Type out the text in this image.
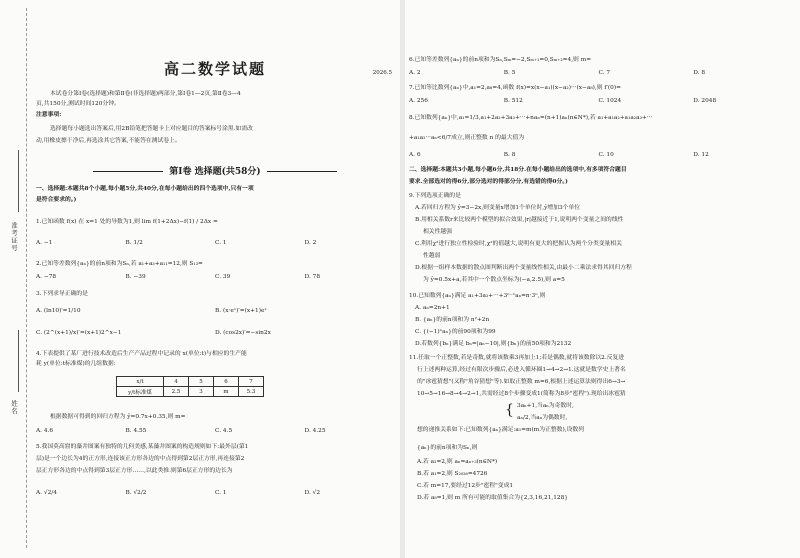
准考证号
姓名
高二数学试题	2026.5
本试卷分第Ⅰ卷(选择题)和第Ⅱ卷(非选择题)两部分,第Ⅰ卷1—2页,第Ⅱ卷3—4
页,共150分,测试时间120分钟。
注意事项:
选择题每小题选出答案后,用2B铅笔把答题卡上对应题目的答案标号涂黑.如需改
动,用橡皮擦干净后,再选涂其它答案,不能答在测试卷上。
第Ⅰ卷 选择题(共58分)
一、选择题:本题共8个小题,每小题5分,共40分,在每小题给出的四个选项中,只有一项
是符合要求的。)
1.已知函数 f(x) 在 x=1 处的导数为1,则 lim f(1+2Δx)−f(1) / 2Δx =
A. −1	B. 1/2	C. 1	D. 2
2.已知等差数列{aₙ}的前n项和为Sₙ,若 a₁+a₃+a₁₁=12,则 S₁₃=
A. −78	B. −39	C. 39	D. 78
3.下列求导正确的是
A. (ln10)′=1/10	B. (x·eˣ)′=(x+1)eˣ
C. (2^(x+1)/x)′=(x+1)2^x−1	D. (cos2x)′=−sin2x
4.下表提供了某厂进行技术改造后生产产品过程中记录的 x(单位:t)与相应的生产能
耗 y(单位:t标准煤)的几组数据:
x/t	4	5	6	7
y/t标准煤	2.5	3	m	5.3
根据数据可得到的回归方程为 ŷ=0.7x+0.35,则 m=
A. 4.6	B. 4.55	C. 4.5	D. 4.25
5.我国莫高窟的藻井图案有独特的几何美感,某藻井图案的构造规则如下:最外层(第1
层)是一个边长为4的正方形,连接该正方形各边的中点得到第2层正方形,再连接第2
层正方形各边的中点得到第3层正方形……,以此类推.则第6层正方形的边长为
A. √2/4	B. √2/2	C. 1	D. √2
6.已知等差数列{aₙ}的前n项和为Sₙ,Sₘ=−2,Sₘ₊₁=0,Sₘ₊₂=4,则 m=
A. 2	B. 5	C. 7	D. 8
7.已知等比数列{aₙ}中,a₁=2,a₈=4,函数 f(x)=x(x−a₁)(x−a₂)···(x−a₈),则 f′(0)=
A. 256	B. 512	C. 1024	D. 2048
8.已知数列{aₙ}中,a₁=1/3,a₁+2a₂+3a₃+···+naₙ=(n+1)aₙ(n∈N*),若 a₁+a₁a₂+a₁a₂a₃+···
+a₁a₂···aₙ<6/7成立,则正整数 n 的最大值为
A. 6	B. 8	C. 10	D. 12
二、选择题:本题共3小题,每小题6分,共18分.在每小题给出的选项中,有多项符合题目
要求.全部选对的得6分,部分选对的得部分分,有选错的得0分。)
9.下列选项正确的是
A.若回归方程为 ŷ=3−2x,则变量x增加1个单位时,ŷ增加3个单位
B.用相关系数r来比较两个模型的拟合效果,|r|越接近于1,说明两个变量之间的线性
相关性越强
C.利用χ²进行独立性检验时,χ²的值越大,说明有更大的把握认为两个分类变量相关
性越弱
D.根据一组样本数据的散点图判断出两个变量线性相关,由最小二乘法求得其回归方程
为 ŷ=0.5x+a,若其中一个散点坐标为(−a,2.5),则 a=5
10.已知数列{aₙ}满足 a₁+3a₂+···+3ⁿ⁻¹aₙ=n·3ⁿ,则
A. aₙ=2n+1
B. {aₙ}的前n项和为 n²+2n
C. {(−1)ⁿaₙ}的前90项和为99
D.若数列{bₙ}满足 bₙ=|aₙ−10|,则{bₙ}的前50项和为2132
11.任取一个正整数,若是奇数,就将该数乘3再加上1;若是偶数,就将该数除以2.反复进
行上述两种运算,经过有限次步骤后,必进入循环圈1→4→2→1.这就是数学史上著名
的"冰雹猜想"(又称"角谷猜想"等).如取正整数 m=6,根据上述运算法则得出6→3→
10→5→16→8→4→2→1,共需经过8个步骤变成1(简称为8步"雹程").现给出冰雹猜
{ 3aₙ+1,当aₙ为奇数时,
aₙ/2,当aₙ为偶数时,
想的递推关系如下:已知数列{aₙ}满足:a₁=m(m为正整数),设数列
{aₙ}的前n项和为Sₙ,则
A.若 a₂=2,则 aₙ=aₙ₊₃(n∈N*)
B.若 a₁=2,则 S₂₀₂₆=4726
C.若 m=17,要经过12步"雹程"变成1
D.若 a₈=1,则 m 所有可能的取值集合为{2,3,16,21,128}
